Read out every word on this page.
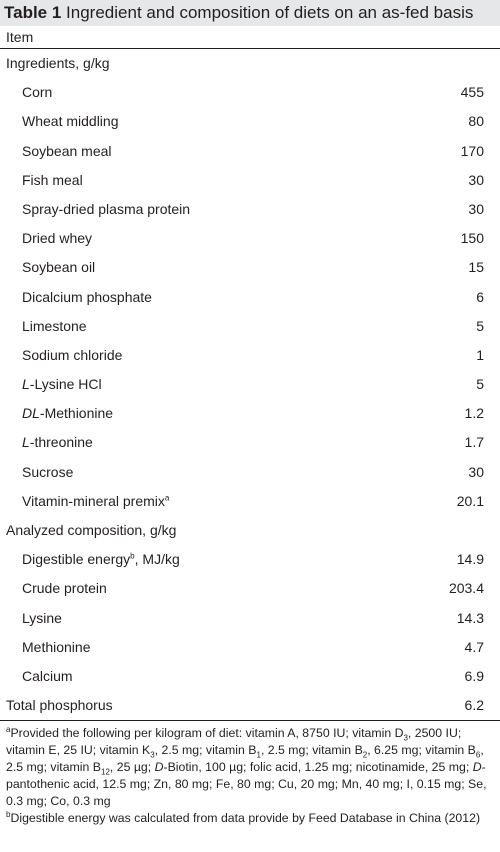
Table 1 Ingredient and composition of diets on an as-fed basis
Item
Ingredients, g/kg
Corn	455
Wheat middling	80
Soybean meal	170
Fish meal	30
Spray-dried plasma protein	30
Dried whey	150
Soybean oil	15
Dicalcium phosphate	6
Limestone	5
Sodium chloride	1
L-Lysine HCl	5
DL-Methionine	1.2
L-threonine	1.7
Sucrose	30
Vitamin-mineral premix$^a$	20.1
Analyzed composition, g/kg
Digestible energy$^b$, MJ/kg	14.9
Crude protein	203.4
Lysine	14.3
Methionine	4.7
Calcium	6.9
Total phosphorus	6.2

$^a$Provided the following per kilogram of diet: vitamin A, 8750 IU; vitamin $D_3$, 2500 IU; vitamin E, 25 IU; vitamin $K_3$, 2.5 mg; vitamin $B_1$, 2.5 mg; vitamin $B_2$, 6.25 mg; vitamin $B_6$, 2.5 mg; vitamin $B_{12}$, 25 µg; D-Biotin, 100 µg; folic acid, 1.25 mg; nicotinamide, 25 mg; D-pantothenic acid, 12.5 mg; Zn, 80 mg; Fe, 80 mg; Cu, 20 mg; Mn, 40 mg; I, 0.15 mg; Se, 0.3 mg; Co, 0.3 mg

$^b$Digestible energy was calculated from data provide by Feed Database in China (2012)
